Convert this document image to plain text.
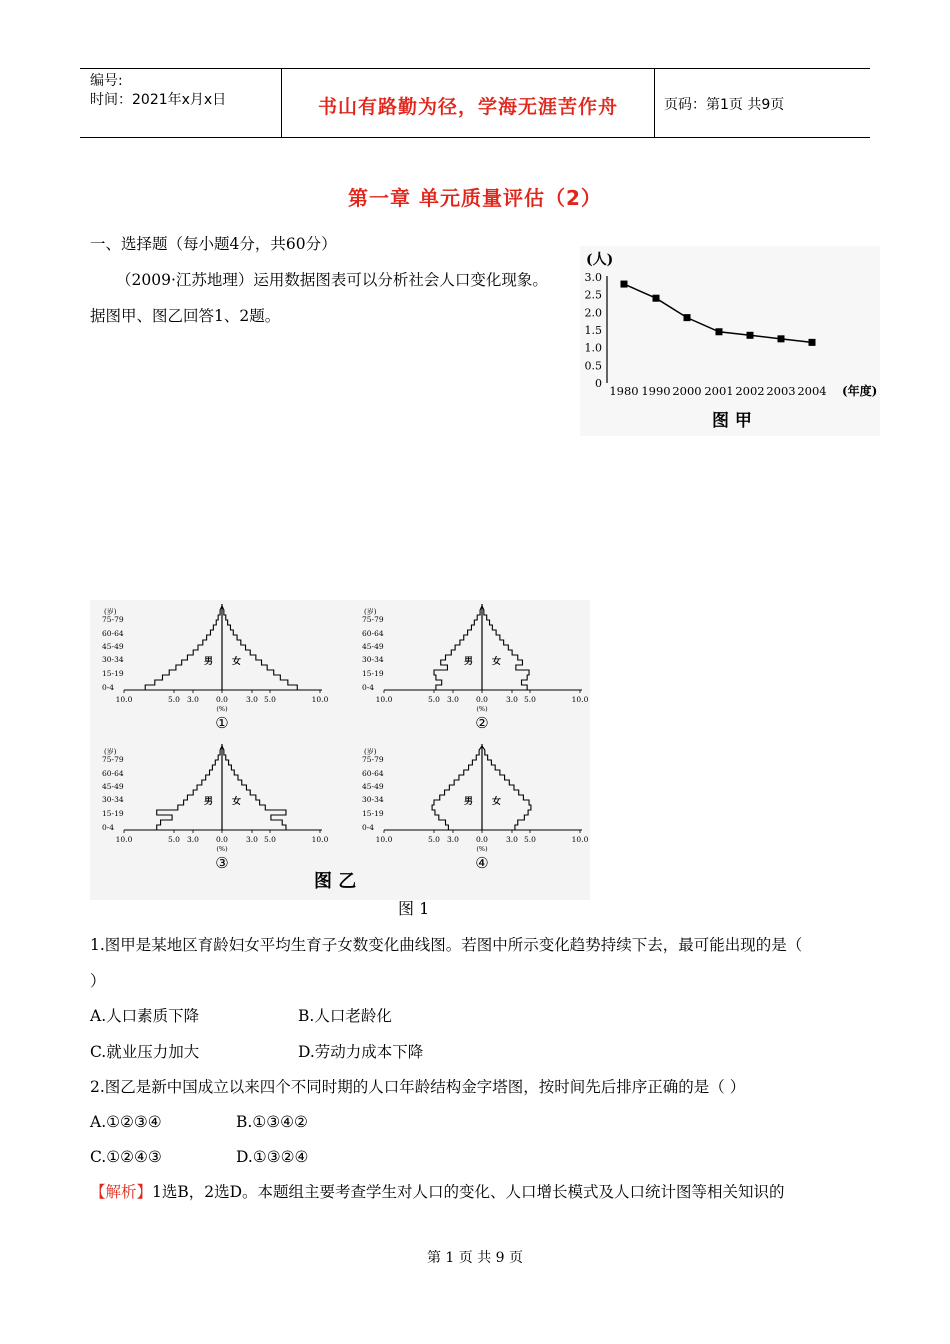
编号:
时间：2021年x月x日	书山有路勤为径，学海无涯苦作舟	页码：第1页 共9页
第一章 单元质量评估（2）
一、选择题（每小题4分，共60分）
（2009·江苏地理）运用数据图表可以分析社会人口变化现象。
据图甲、图乙回答1、2题。
(人)
3.0
2.5
2.0
1.5
1.0
0.5
0
1980 1990 2000 2001 2002 2003 2004 (年度)
图 甲
(岁)
75-79
60-64
45-49
30-34
15-19
0-4
男 女
10.0	5.0 3.0 0.0 3.0 5.0	10.0
(%)
①
(岁)
75-79
60-64
45-49
30-34
15-19
0-4
男 女
10.0	5.0 3.0 0.0 3.0 5.0	10.0
(%)
②
(岁)
75-79
60-64
45-49
30-34
15-19
0-4
男 女
10.0	5.0 3.0 0.0 3.0 5.0	10.0
(%)
③
(岁)
75-79
60-64
45-49
30-34
15-19
0-4
男 女
10.0	5.0 3.0 0.0 3.0 5.0	10.0
(%)
④
图 乙
图 1
1.图甲是某地区育龄妇女平均生育子女数变化曲线图。若图中所示变化趋势持续下去，最可能出现的是（
）
A.人口素质下降	B.人口老龄化
C.就业压力加大	D.劳动力成本下降
2.图乙是新中国成立以来四个不同时期的人口年龄结构金字塔图，按时间先后排序正确的是（ ）
A.①②③④	B.①③④②
C.①②④③	D.①③②④
【解析】1选B，2选D。本题组主要考查学生对人口的变化、人口增长模式及人口统计图等相关知识的
第 1 页 共 9 页
